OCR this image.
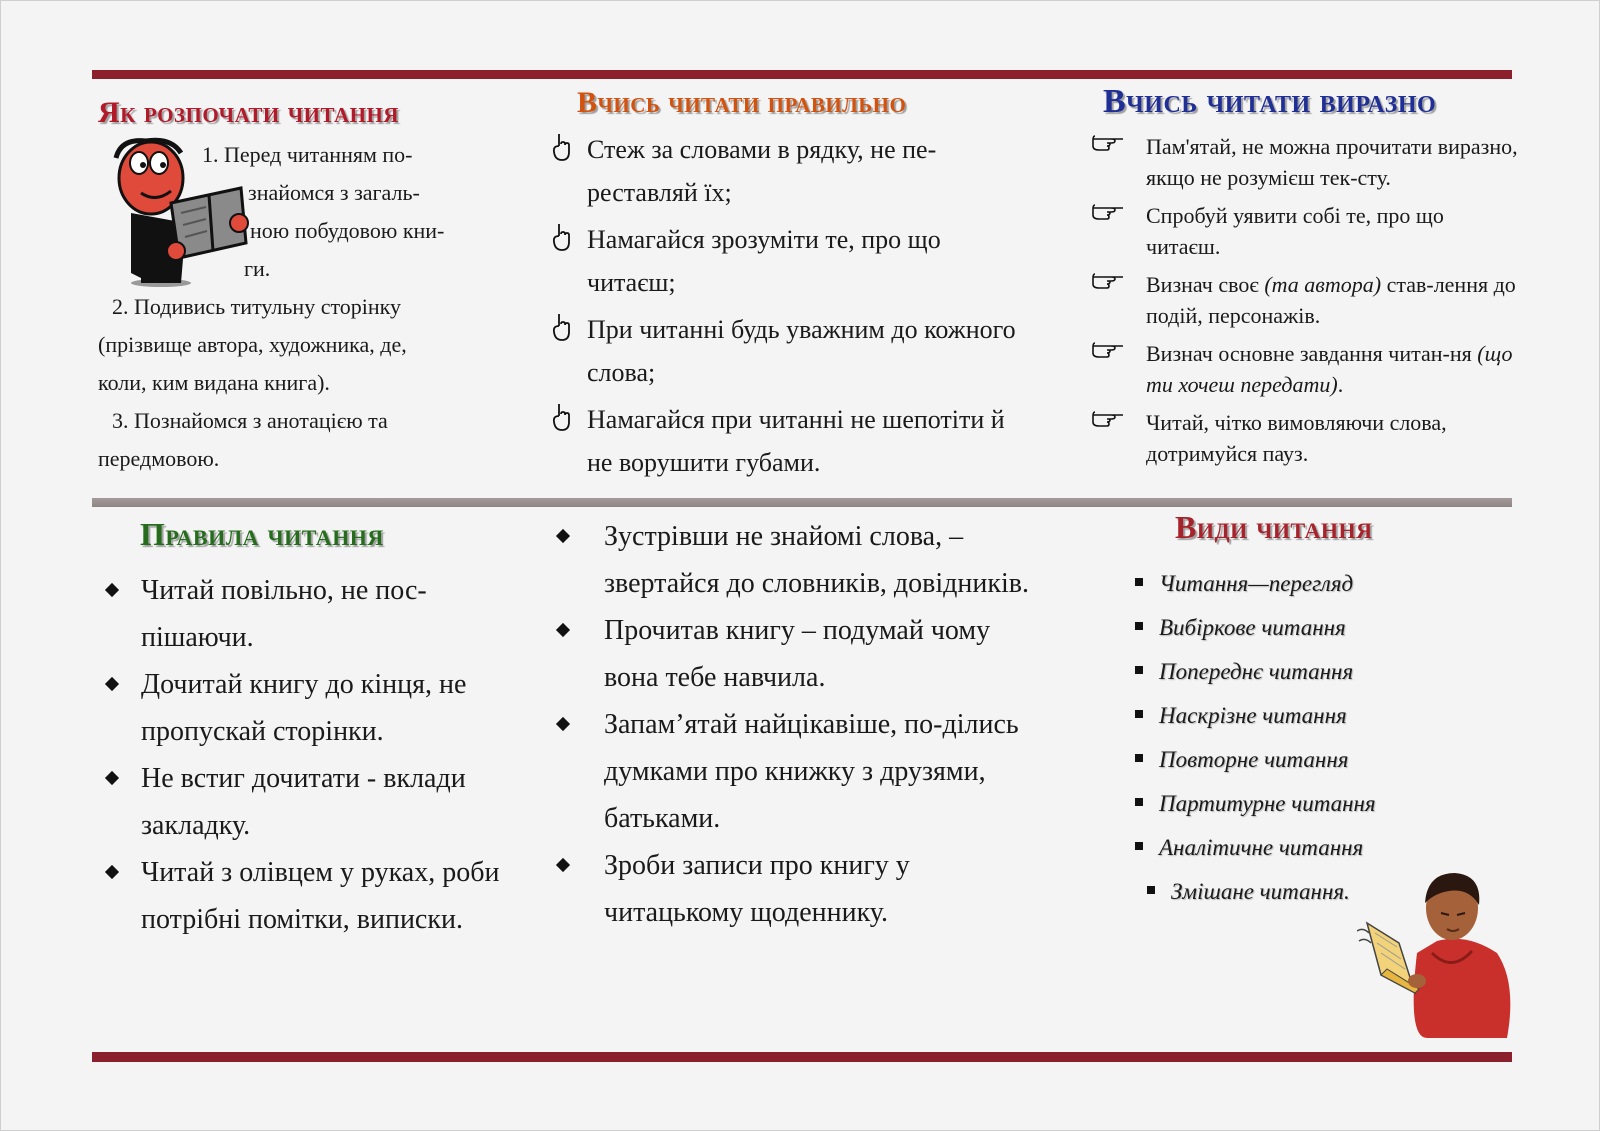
Як розпочати читання
1. Перед читанням по-
знайомся з загаль-
ною побудовою кни-
ги.
2. Подивись титульну сторінку
(прізвище автора, художника, де,
коли, ким видана книга).
3. Познайомся з анотацією та
передмовою.
Вчись читати правильно
Стеж за словами в рядку, не пе-реставляй їх;
Намагайся зрозуміти те, про що читаєш;
При читанні будь уважним до кожного слова;
Намагайся при читанні не шепотіти й не ворушити губами.
Вчись читати виразно
Пам'ятай, не можна прочитати виразно, якщо не розумієш тек-сту.
Спробуй уявити собі те, про що читаєш.
Визнач своє (та автора) став-лення до подій, персонажів.
Визнач основне завдання читан-ня (що ти хочеш передати).
Читай, чітко вимовляючи слова, дотримуйся пауз.
Правила читання
Читай повільно, не пос-пішаючи.
Дочитай книгу до кінця, не пропускай сторінки.
Не встиг дочитати - вклади закладку.
Читай з олівцем у руках, роби потрібні помітки, виписки.
Зустрівши не знайомі слова, – звертайся до словників, довідників.
Прочитав книгу – подумай чому вона тебе навчила.
Запам’ятай найцікавіше, по-ділись думками про книжку з друзями, батьками.
Зроби записи про книгу у читацькому щоденнику.
Види читання
Читання—перегляд
Вибіркове читання
Попереднє читання
Наскрізне читання
Повторне читання
Партитурне читання
Аналітичне читання
Змішане читання.
